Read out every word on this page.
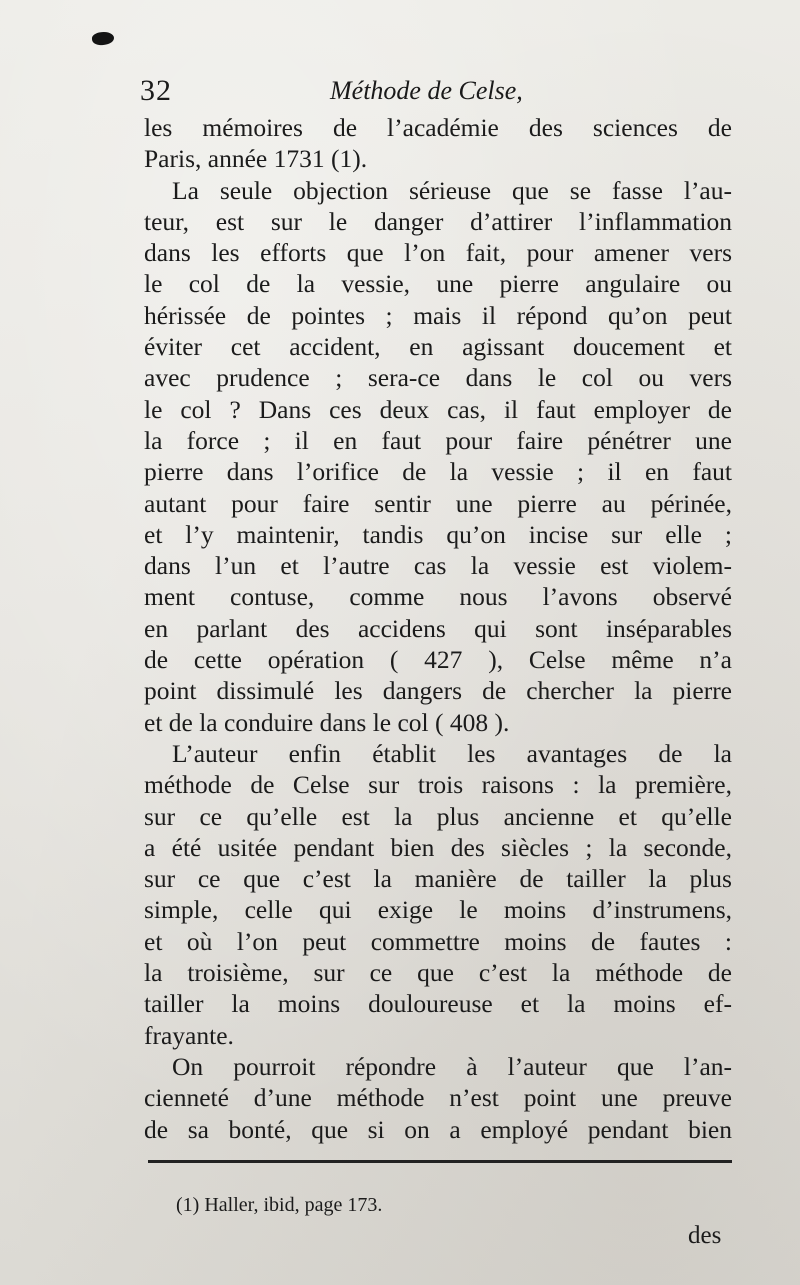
32	Méthode de Celse,
les mémoires de l’académie des sciences de
Paris, année 1731 (1).
La seule objection sérieuse que se fasse l’au-
teur, est sur le danger d’attirer l’inflammation
dans les efforts que l’on fait, pour amener vers
le col de la vessie, une pierre angulaire ou
hérissée de pointes ; mais il répond qu’on peut
éviter cet accident, en agissant doucement et
avec prudence ; sera-ce dans le col ou vers
le col ? Dans ces deux cas, il faut employer de
la force ; il en faut pour faire pénétrer une
pierre dans l’orifice de la vessie ; il en faut
autant pour faire sentir une pierre au périnée,
et l’y maintenir, tandis qu’on incise sur elle ;
dans l’un et l’autre cas la vessie est violem-
ment contuse, comme nous l’avons observé
en parlant des accidens qui sont inséparables
de cette opération ( 427 ), Celse même n’a
point dissimulé les dangers de chercher la pierre
et de la conduire dans le col ( 408 ).
L’auteur enfin établit les avantages de la
méthode de Celse sur trois raisons : la première,
sur ce qu’elle est la plus ancienne et qu’elle
a été usitée pendant bien des siècles ; la seconde,
sur ce que c’est la manière de tailler la plus
simple, celle qui exige le moins d’instrumens,
et où l’on peut commettre moins de fautes :
la troisième, sur ce que c’est la méthode de
tailler la moins douloureuse et la moins ef-
frayante.
On pourroit répondre à l’auteur que l’an-
cienneté d’une méthode n’est point une preuve
de sa bonté, que si on a employé pendant bien
(1) Haller, ibid, page 173.
des
